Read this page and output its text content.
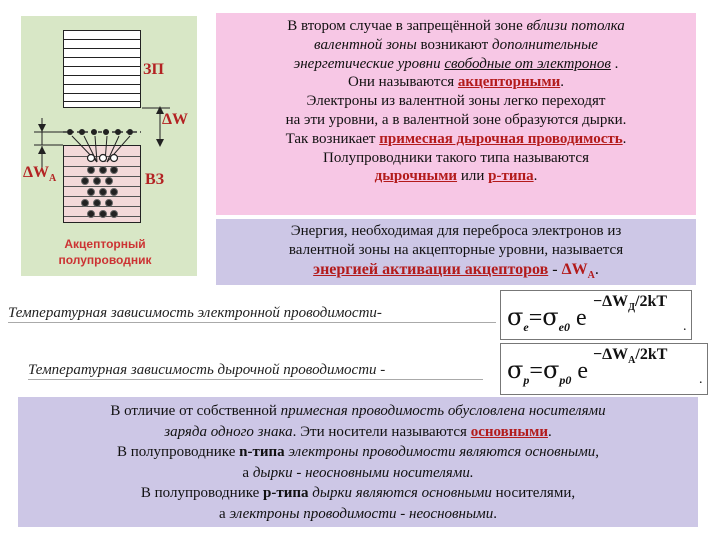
ЗП
ВЗ
ΔW
$\Delta W_A$
Акцепторный
полупроводник
В втором случае в запрещённой зоне вблизи потолка
валентной зоны возникают дополнительные
энергетические уровни свободные от электронов .
Они называются акцепторными.
Электроны из валентной зоны легко переходят
на эти уровни, а в валентной зоне образуются дырки.
Так возникает примесная дырочная проводимость.
Полупроводники такого типа называются
дырочными или р-типа.
Энергия, необходимая для переброса электронов из
валентной зоны на акцепторные уровни, называется
энергией активации акцепторов - $\Delta W_A$.
Температурная зависимость электронной проводимости-	$\sigma_e=\sigma_{e0}$ e
$-\Delta W_Д/2kT$
.
Температурная зависимость дырочной проводимости -	$\sigma_p=\sigma_{p0}$ e
$-\Delta W_A/2kT$
.
В отличие от собственной примесная проводимость обусловлена носителями
заряда одного знака. Эти носители называются основными.
В полупроводнике n-типа электроны проводимости являются основными,
а дырки - неосновными носителями.
В полупроводнике р-типа дырки являются основными носителями,
а электроны проводимости - неосновными.
